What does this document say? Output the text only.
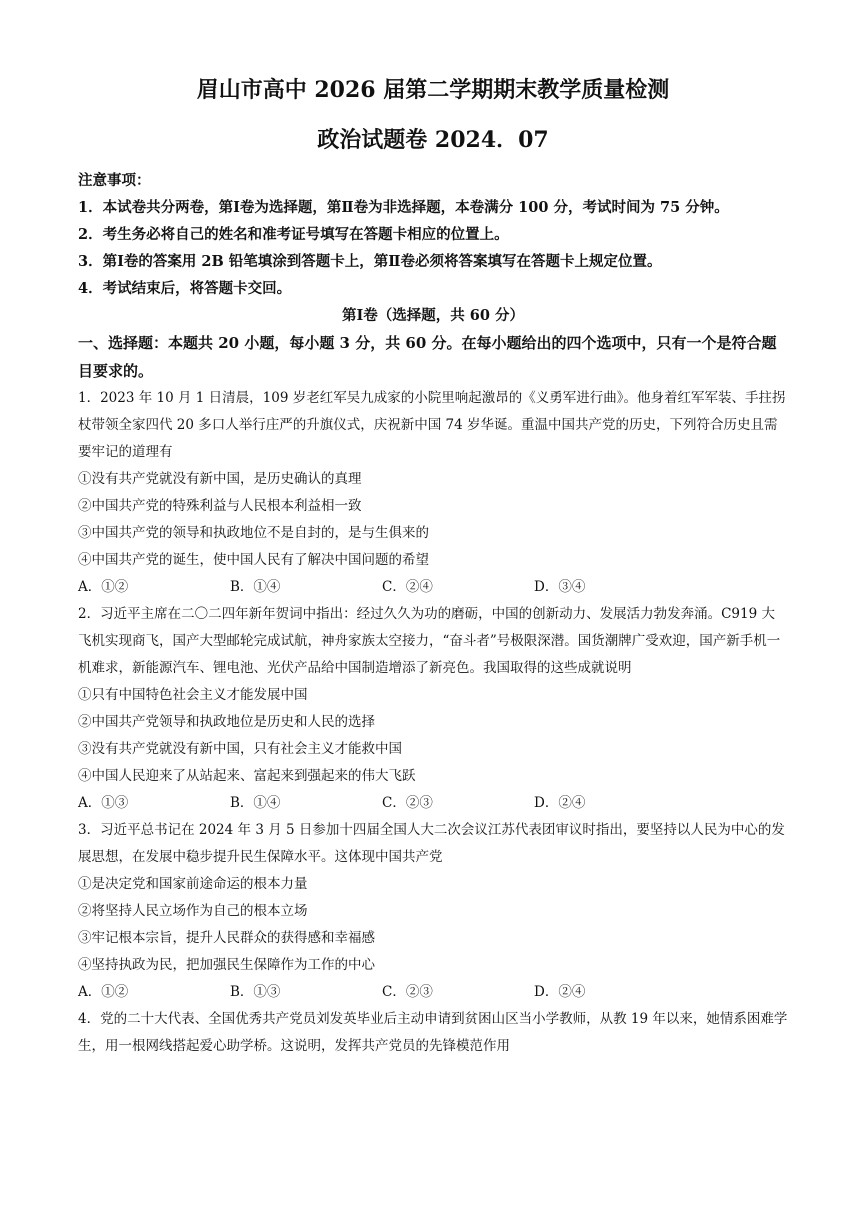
眉山市高中 2026 届第二学期期末教学质量检测
政治试题卷 2024．07
注意事项：
1．本试卷共分两卷，第Ⅰ卷为选择题，第Ⅱ卷为非选择题，本卷满分 100 分，考试时间为 75 分钟。
2．考生务必将自己的姓名和准考证号填写在答题卡相应的位置上。
3．第Ⅰ卷的答案用 2B 铅笔填涂到答题卡上，第Ⅱ卷必须将答案填写在答题卡上规定位置。
4．考试结束后，将答题卡交回。
第Ⅰ卷（选择题，共 60 分）
一、选择题：本题共 20 小题，每小题 3 分，共 60 分。在每小题给出的四个选项中，只有一个是符合题目要求的。
1．2023 年 10 月 1 日清晨，109 岁老红军吴九成家的小院里响起激昂的《义勇军进行曲》。他身着红军军装、手拄拐杖带领全家四代 20 多口人举行庄严的升旗仪式，庆祝新中国 74 岁华诞。重温中国共产党的历史，下列符合历史且需要牢记的道理有
①没有共产党就没有新中国，是历史确认的真理
②中国共产党的特殊利益与人民根本利益相一致
③中国共产党的领导和执政地位不是自封的，是与生俱来的
④中国共产党的诞生，使中国人民有了解决中国问题的希望
A．①②	B．①④	C．②④	D．③④
2．习近平主席在二〇二四年新年贺词中指出：经过久久为功的磨砺，中国的创新动力、发展活力勃发奔涌。C919 大飞机实现商飞，国产大型邮轮完成试航，神舟家族太空接力，“奋斗者”号极限深潜。国货潮牌广受欢迎，国产新手机一机难求，新能源汽车、锂电池、光伏产品给中国制造增添了新亮色。我国取得的这些成就说明
①只有中国特色社会主义才能发展中国
②中国共产党领导和执政地位是历史和人民的选择
③没有共产党就没有新中国，只有社会主义才能救中国
④中国人民迎来了从站起来、富起来到强起来的伟大飞跃
A．①③	B．①④	C．②③	D．②④
3．习近平总书记在 2024 年 3 月 5 日参加十四届全国人大二次会议江苏代表团审议时指出，要坚持以人民为中心的发展思想，在发展中稳步提升民生保障水平。这体现中国共产党
①是决定党和国家前途命运的根本力量
②将坚持人民立场作为自己的根本立场
③牢记根本宗旨，提升人民群众的获得感和幸福感
④坚持执政为民，把加强民生保障作为工作的中心
A．①②	B．①③	C．②③	D．②④
4．党的二十大代表、全国优秀共产党员刘发英毕业后主动申请到贫困山区当小学教师，从教 19 年以来，她情系困难学生，用一根网线搭起爱心助学桥。这说明，发挥共产党员的先锋模范作用
